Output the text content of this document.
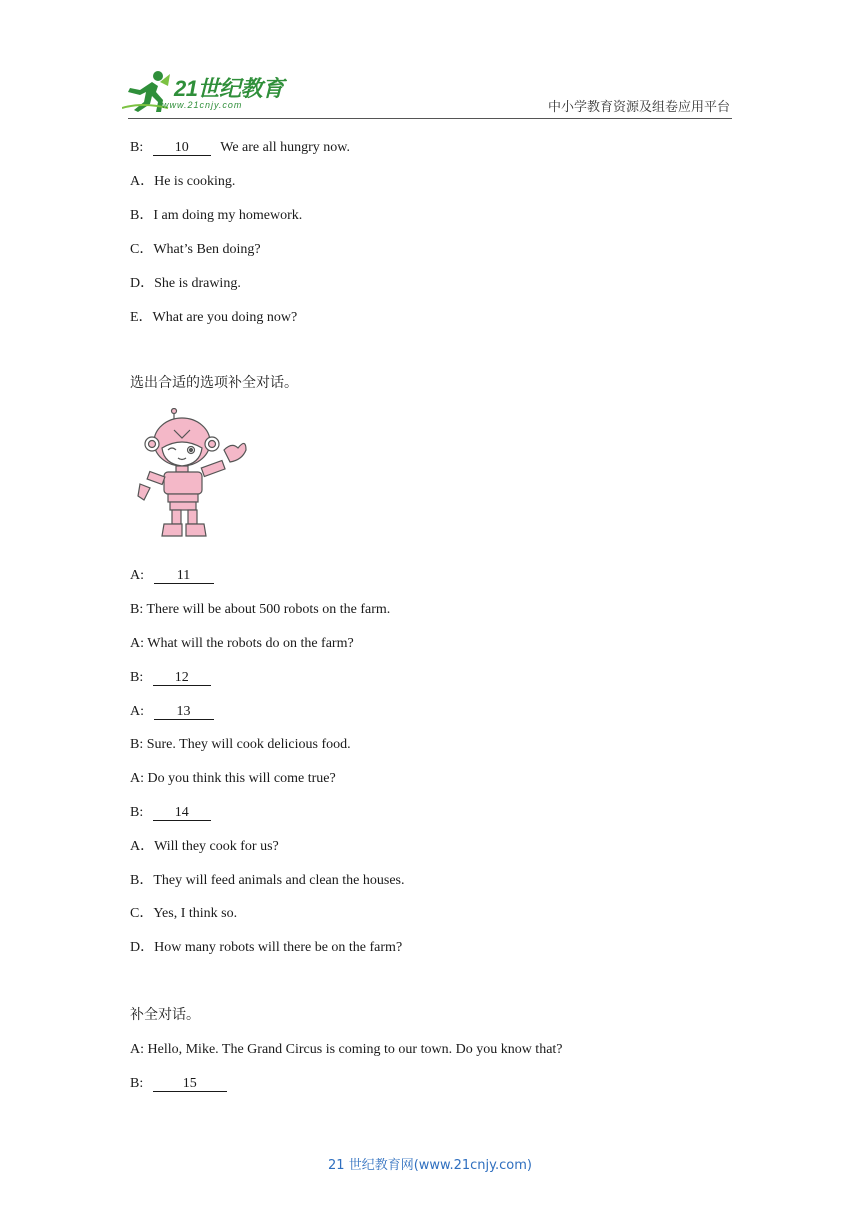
21世纪教育
www.21cnjy.com	中小学教育资源及组卷应用平台
B: 10 We are all hungry now.
A．He is cooking.
B．I am doing my homework.
C．What’s Ben doing?
D．She is drawing.
E．What are you doing now?
选出合适的选项补全对话。
A: 11
B: There will be about 500 robots on the farm.
A: What will the robots do on the farm?
B: 12
A: 13
B: Sure. They will cook delicious food.
A: Do you think this will come true?
B: 14
A．Will they cook for us?
B．They will feed animals and clean the houses.
C．Yes, I think so.
D．How many robots will there be on the farm?
补全对话。
A: Hello, Mike. The Grand Circus is coming to our town. Do you know that?
B:	15
21 世纪教育网(www.21cnjy.com)
